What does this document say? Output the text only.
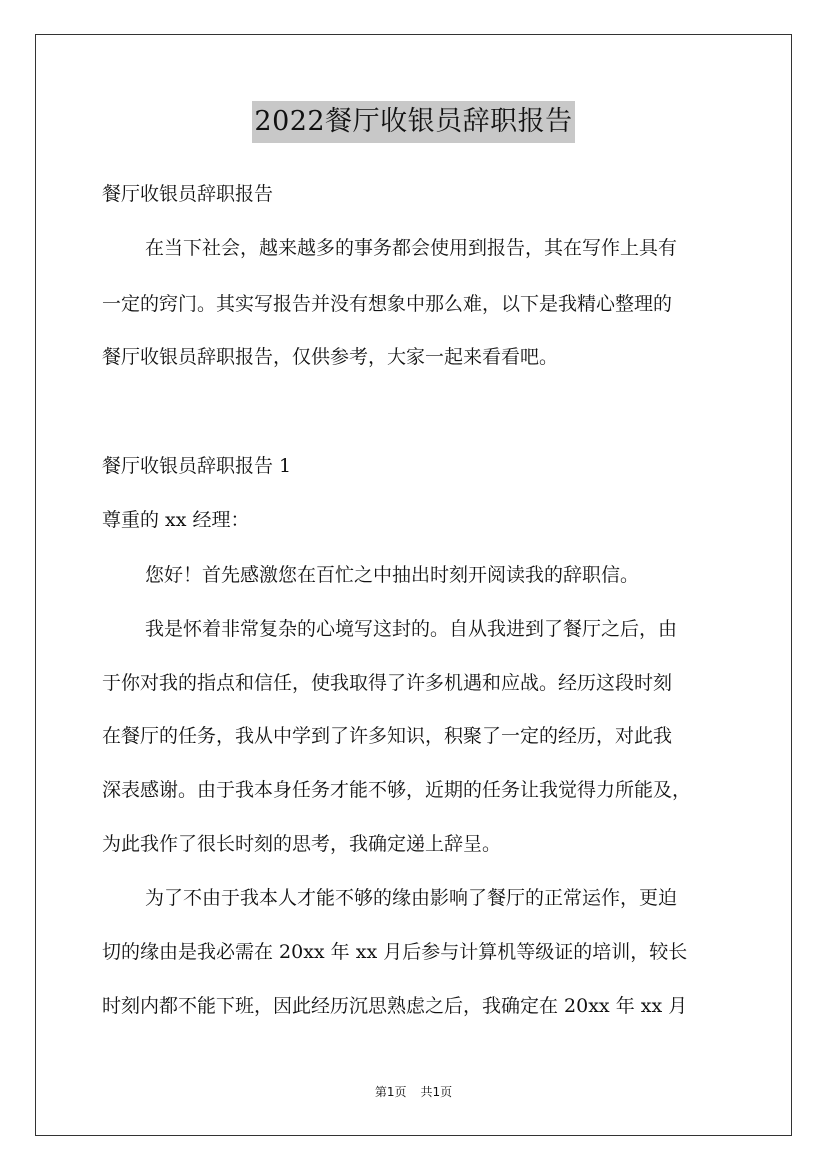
2022餐厅收银员辞职报告
餐厅收银员辞职报告
在当下社会，越来越多的事务都会使用到报告，其在写作上具有
一定的窍门。其实写报告并没有想象中那么难，以下是我精心整理的
餐厅收银员辞职报告，仅供参考，大家一起来看看吧。
餐厅收银员辞职报告 1
尊重的 xx 经理：
您好！首先感激您在百忙之中抽出时刻开阅读我的辞职信。
我是怀着非常复杂的心境写这封的。自从我进到了餐厅之后，由
于你对我的指点和信任，使我取得了许多机遇和应战。经历这段时刻
在餐厅的任务，我从中学到了许多知识，积聚了一定的经历，对此我
深表感谢。由于我本身任务才能不够，近期的任务让我觉得力所能及，
为此我作了很长时刻的思考，我确定递上辞呈。
为了不由于我本人才能不够的缘由影响了餐厅的正常运作，更迫
切的缘由是我必需在 20xx 年 xx 月后参与计算机等级证的培训，较长
时刻内都不能下班，因此经历沉思熟虑之后，我确定在 20xx 年 xx 月
第1页 共1页
